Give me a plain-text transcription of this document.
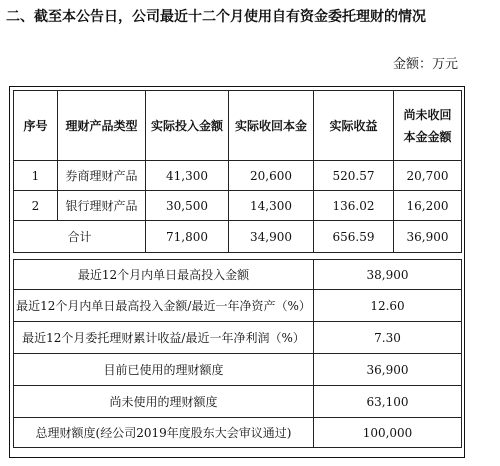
二、截至本公告日，公司最近十二个月使用自有资金委托理财的情况
金额：万元
序号	理财产品类型	实际投入金额	实际收回本金	实际收益	尚未收回
本金金额

1	券商理财产品	41,300	20,600	520.57	20,700
2	银行理财产品	30,500	14,300	136.02	16,200
合计		71,800	34,900	656.59	36,900
最近12个月内单日最高投入金额	38,900
最近12个月内单日最高投入金额/最近一年净资产（%）	12.60
最近12个月委托理财累计收益/最近一年净利润（%）	7.30
目前已使用的理财额度	36,900
尚未使用的理财额度	63,100
总理财额度(经公司2019年度股东大会审议通过)	100,000
